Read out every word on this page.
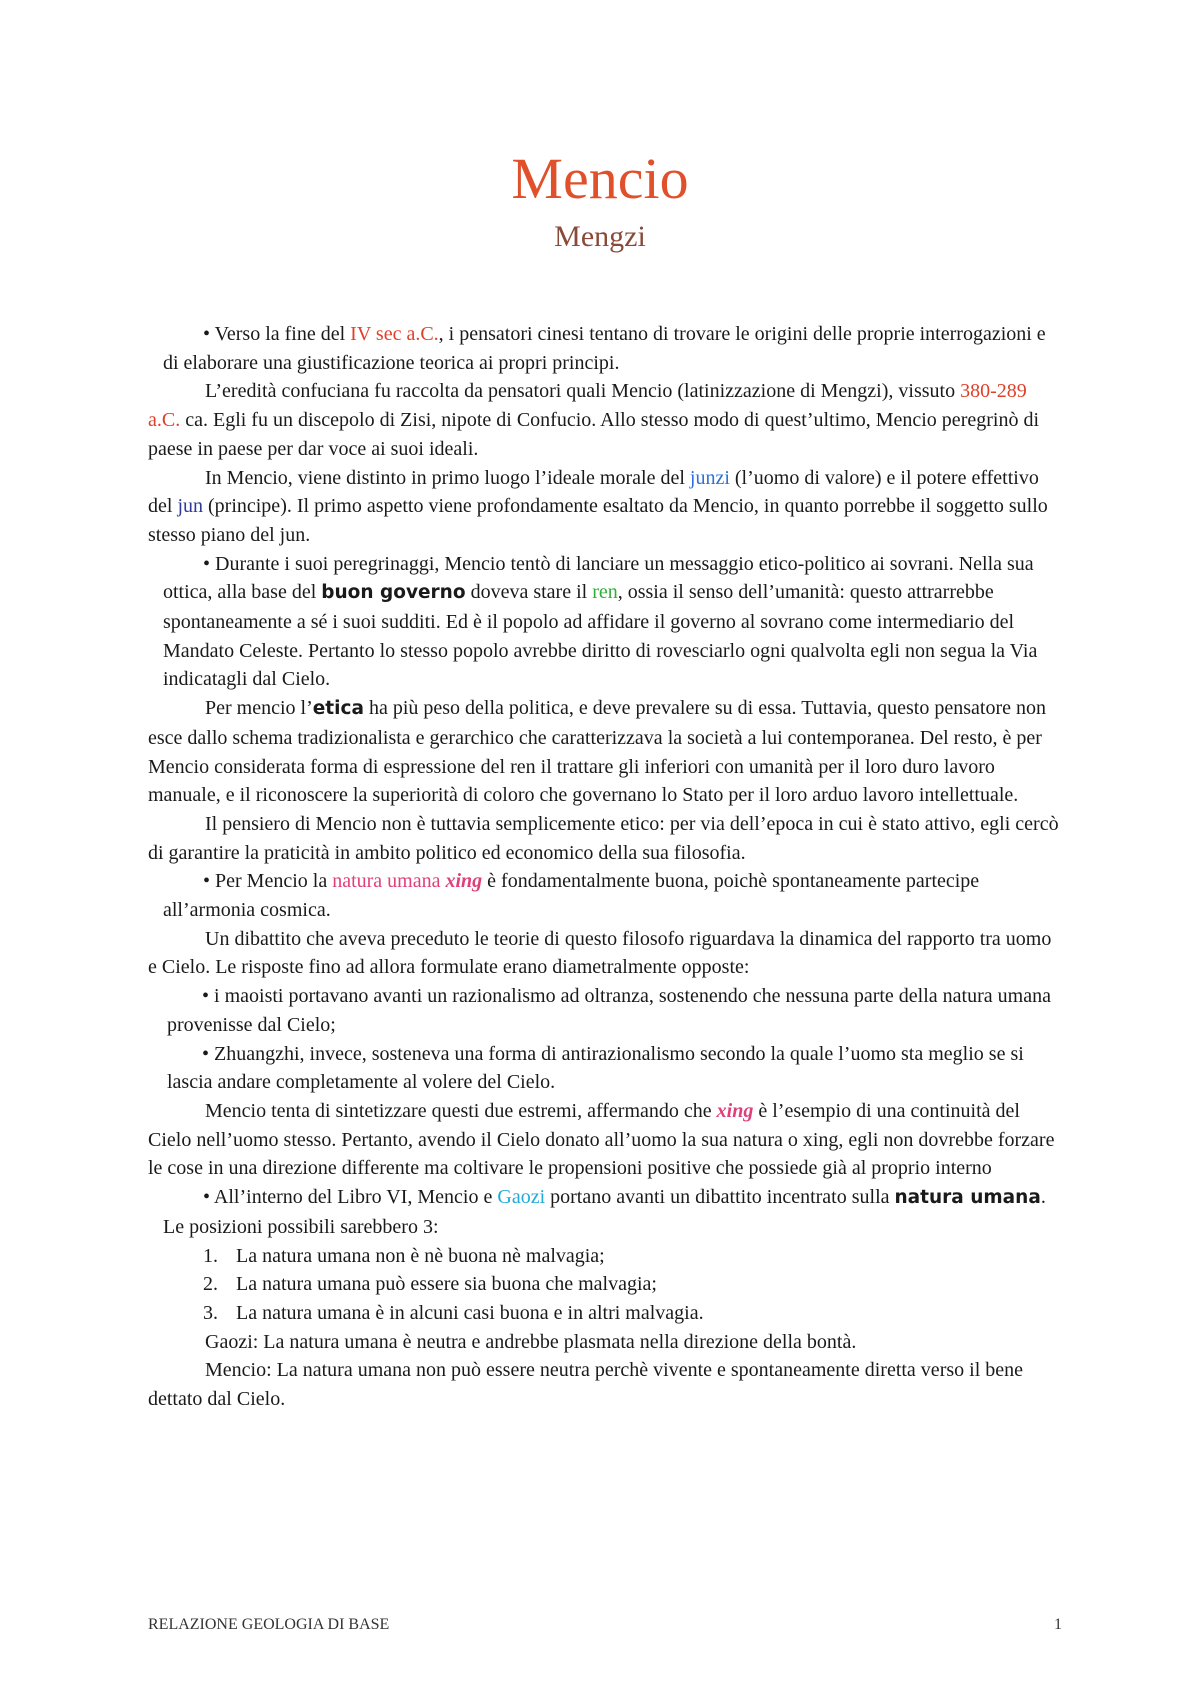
Mencio
Mengzi

• Verso la fine del IV sec a.C., i pensatori cinesi tentano di trovare le origini delle proprie interrogazioni e di elaborare una giustificazione teorica ai propri principi.

L’eredità confuciana fu raccolta da pensatori quali Mencio (latinizzazione di Mengzi), vissuto 380-289 a.C. ca. Egli fu un discepolo di Zisi, nipote di Confucio. Allo stesso modo di quest’ultimo, Mencio peregrinò di paese in paese per dar voce ai suoi ideali.

In Mencio, viene distinto in primo luogo l’ideale morale del junzi (l’uomo di valore) e il potere effettivo del jun (principe). Il primo aspetto viene profondamente esaltato da Mencio, in quanto porrebbe il soggetto sullo stesso piano del jun.

• Durante i suoi peregrinaggi, Mencio tentò di lanciare un messaggio etico-politico ai sovrani. Nella sua ottica, alla base del buon governo doveva stare il ren, ossia il senso dell’umanità: questo attrarrebbe spontaneamente a sé i suoi sudditi. Ed è il popolo ad affidare il governo al sovrano come intermediario del Mandato Celeste. Pertanto lo stesso popolo avrebbe diritto di rovesciarlo ogni qualvolta egli non segua la Via indicatagli dal Cielo.

Per mencio l’etica ha più peso della politica, e deve prevalere su di essa. Tuttavia, questo pensatore non esce dallo schema tradizionalista e gerarchico che caratterizzava la società a lui contemporanea. Del resto, è per Mencio considerata forma di espressione del ren il trattare gli inferiori con umanità per il loro duro lavoro manuale, e il riconoscere la superiorità di coloro che governano lo Stato per il loro arduo lavoro intellettuale.

Il pensiero di Mencio non è tuttavia semplicemente etico: per via dell’epoca in cui è stato attivo, egli cercò di garantire la praticità in ambito politico ed economico della sua filosofia.

• Per Mencio la natura umana xing è fondamentalmente buona, poichè spontaneamente partecipe all’armonia cosmica.

Un dibattito che aveva preceduto le teorie di questo filosofo riguardava la dinamica del rapporto tra uomo e Cielo. Le risposte fino ad allora formulate erano diametralmente opposte:

• i maoisti portavano avanti un razionalismo ad oltranza, sostenendo che nessuna parte della natura umana provenisse dal Cielo;

• Zhuangzhi, invece, sosteneva una forma di antirazionalismo secondo la quale l’uomo sta meglio se si lascia andare completamente al volere del Cielo.

Mencio tenta di sintetizzare questi due estremi, affermando che xing è l’esempio di una continuità del Cielo nell’uomo stesso. Pertanto, avendo il Cielo donato all’uomo la sua natura o xing, egli non dovrebbe forzare le cose in una direzione differente ma coltivare le propensioni positive che possiede già al proprio interno

• All’interno del Libro VI, Mencio e Gaozi portano avanti un dibattito incentrato sulla natura umana. Le posizioni possibili sarebbero 3:

1. La natura umana non è nè buona nè malvagia;

2. La natura umana può essere sia buona che malvagia;

3. La natura umana è in alcuni casi buona e in altri malvagia.

Gaozi: La natura umana è neutra e andrebbe plasmata nella direzione della bontà.

Mencio: La natura umana non può essere neutra perchè vivente e spontaneamente diretta verso il bene dettato dal Cielo.

RELAZIONE GEOLOGIA DI BASE	1
